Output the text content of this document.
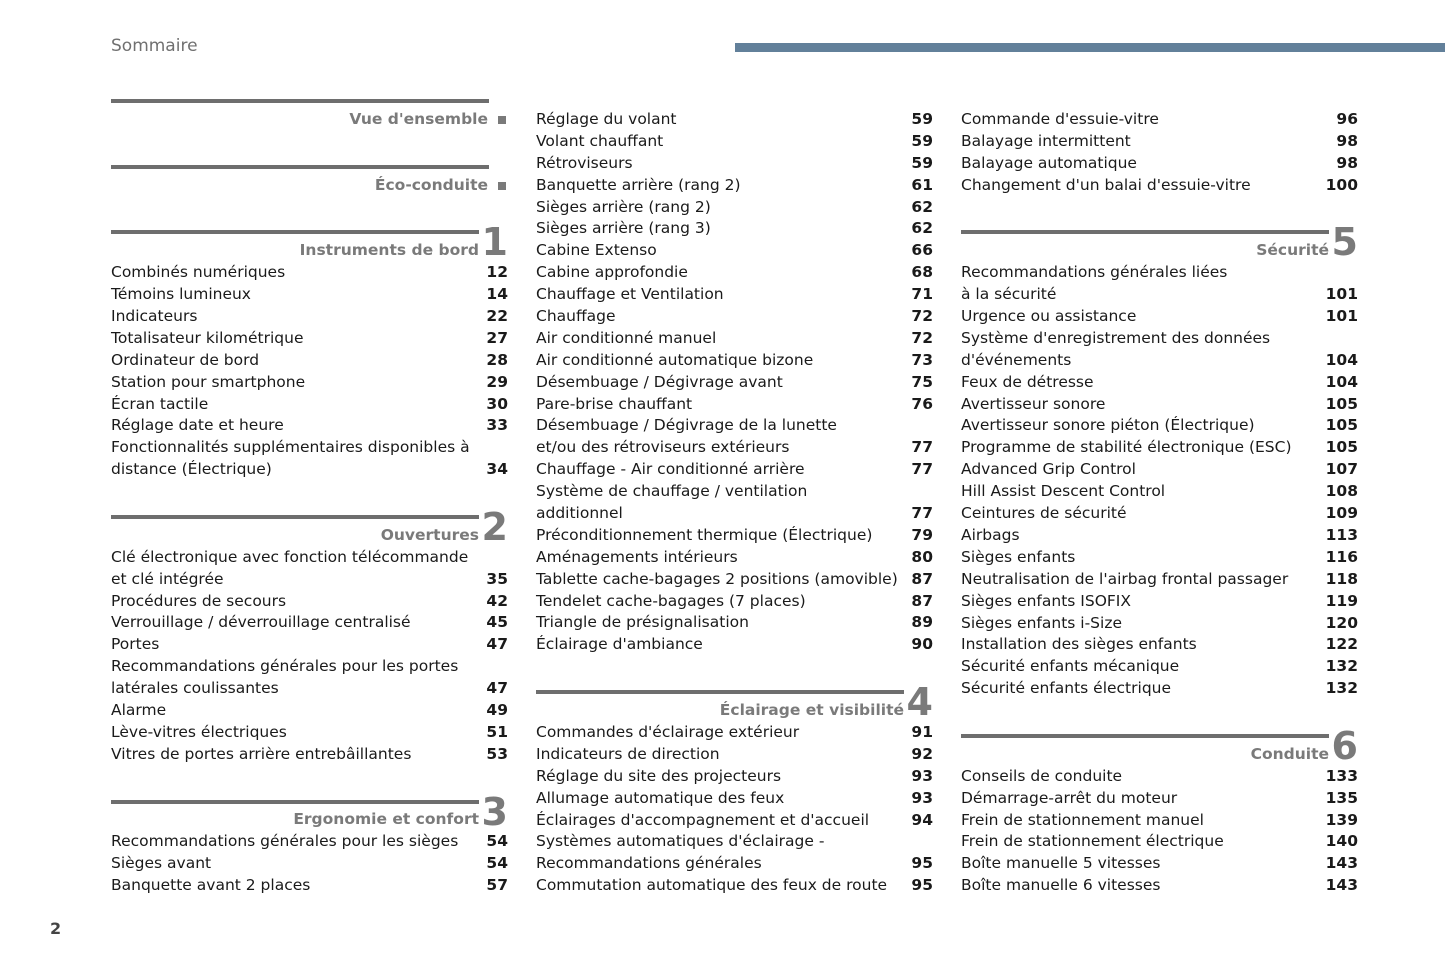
Sommaire
Vue d'ensemble
Éco-conduite
Instruments de bord 1
Combinés numériques	12
Témoins lumineux	14
Indicateurs	22
Totalisateur kilométrique	27
Ordinateur de bord	28
Station pour smartphone	29
Écran tactile	30
Réglage date et heure	33
Fonctionnalités supplémentaires disponibles à
distance (Électrique)	34
Ouvertures 2
Clé électronique avec fonction télécommande
et clé intégrée	35
Procédures de secours	42
Verrouillage / déverrouillage centralisé	45
Portes	47
Recommandations générales pour les portes
latérales coulissantes	47
Alarme	49
Lève-vitres électriques	51
Vitres de portes arrière entrebâillantes	53
Ergonomie et confort 3
Recommandations générales pour les sièges 54
Sièges avant	54
Banquette avant 2 places	57
Réglage du volant	59
Volant chauffant	59
Rétroviseurs	59
Banquette arrière (rang 2)	61
Sièges arrière (rang 2)	62
Sièges arrière (rang 3)	62
Cabine Extenso	66
Cabine approfondie	68
Chauffage et Ventilation	71
Chauffage	72
Air conditionné manuel	72
Air conditionné automatique bizone	73
Désembuage / Dégivrage avant	75
Pare-brise chauffant	76
Désembuage / Dégivrage de la lunette
et/ou des rétroviseurs extérieurs	77
Chauffage - Air conditionné arrière	77
Système de chauffage / ventilation
additionnel	77
Préconditionnement thermique (Électrique)	79
Aménagements intérieurs	80
Tablette cache-bagages 2 positions (amovible) 87
Tendelet cache-bagages (7 places)	87
Triangle de présignalisation	89
Éclairage d'ambiance	90
Éclairage et visibilité 4
Commandes d'éclairage extérieur	91
Indicateurs de direction	92
Réglage du site des projecteurs	93
Allumage automatique des feux	93
Éclairages d'accompagnement et d'accueil	94
Systèmes automatiques d'éclairage -
Recommandations générales	95
Commutation automatique des feux de route 95
Commande d'essuie-vitre	96
Balayage intermittent	98
Balayage automatique	98
Changement d'un balai d'essuie-vitre	100
Sécurité 5
Recommandations générales liées
à la sécurité	101
Urgence ou assistance	101
Système d'enregistrement des données
d'événements	104
Feux de détresse	104
Avertisseur sonore	105
Avertisseur sonore piéton (Électrique)	105
Programme de stabilité électronique (ESC) 105
Advanced Grip Control	107
Hill Assist Descent Control	108
Ceintures de sécurité	109
Airbags	113
Sièges enfants	116
Neutralisation de l'airbag frontal passager 118
Sièges enfants ISOFIX	119
Sièges enfants i-Size	120
Installation des sièges enfants	122
Sécurité enfants mécanique	132
Sécurité enfants électrique	132
Conduite 6
Conseils de conduite	133
Démarrage-arrêt du moteur	135
Frein de stationnement manuel	139
Frein de stationnement électrique	140
Boîte manuelle 5 vitesses	143
Boîte manuelle 6 vitesses	143
2
